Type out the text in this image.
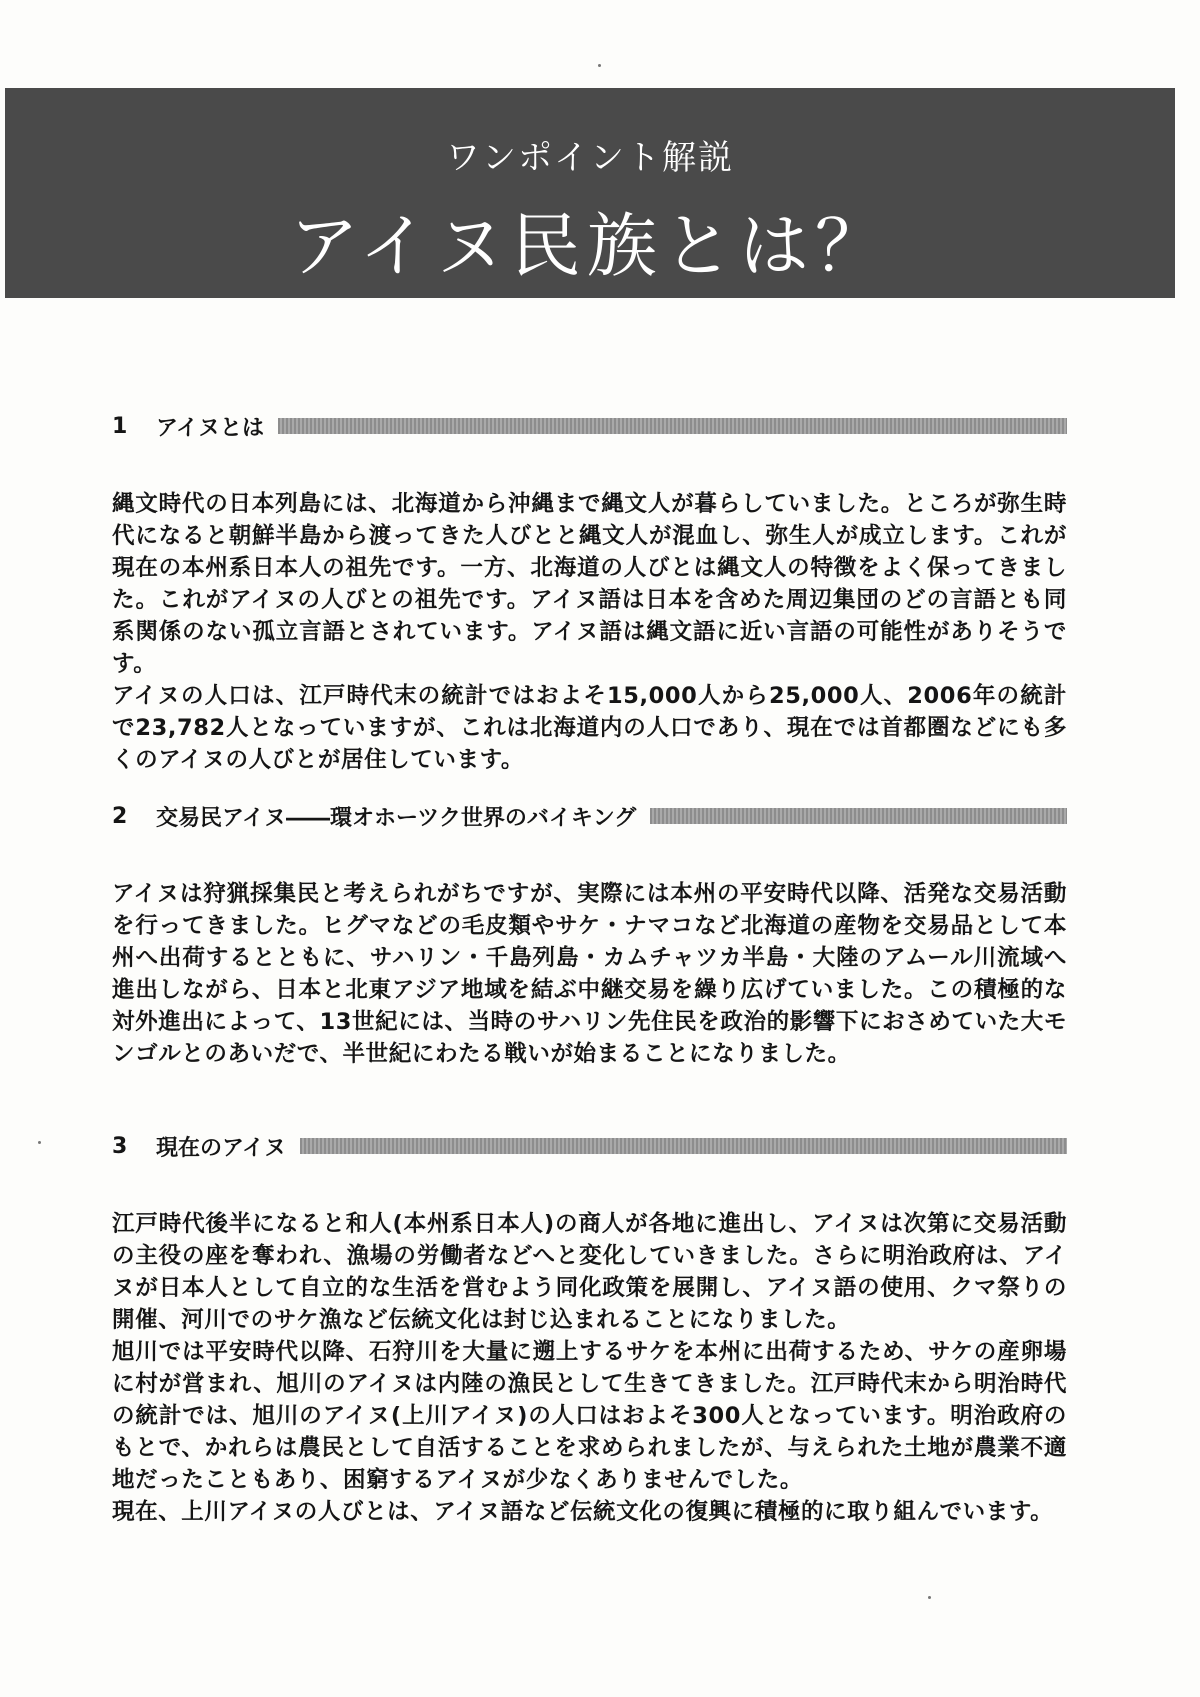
ワンポイント解説
アイヌ民族とは？
1	アイヌとは

縄文時代の日本列島には、北海道から沖縄まで縄文人が暮らしていました。ところが弥生時代になると朝鮮半島から渡ってきた人びとと縄文人が混血し、弥生人が成立します。これが現在の本州系日本人の祖先です。一方、北海道の人びとは縄文人の特徴をよく保ってきました。これがアイヌの人びとの祖先です。アイヌ語は日本を含めた周辺集団のどの言語とも同系関係のない孤立言語とされています。アイヌ語は縄文語に近い言語の可能性がありそうです。

アイヌの人口は、江戸時代末の統計ではおよそ15,000人から25,000人、2006年の統計で23,782人となっていますが、これは北海道内の人口であり、現在では首都圏などにも多くのアイヌの人びとが居住しています。

2	交易民アイヌ――環オホーツク世界のバイキング

アイヌは狩猟採集民と考えられがちですが、実際には本州の平安時代以降、活発な交易活動を行ってきました。ヒグマなどの毛皮類やサケ・ナマコなど北海道の産物を交易品として本州へ出荷するとともに、サハリン・千島列島・カムチャツカ半島・大陸のアムール川流域へ進出しながら、日本と北東アジア地域を結ぶ中継交易を繰り広げていました。この積極的な対外進出によって、13世紀には、当時のサハリン先住民を政治的影響下におさめていた大モンゴルとのあいだで、半世紀にわたる戦いが始まることになりました。

3	現在のアイヌ

江戸時代後半になると和人(本州系日本人)の商人が各地に進出し、アイヌは次第に交易活動の主役の座を奪われ、漁場の労働者などへと変化していきました。さらに明治政府は、アイヌが日本人として自立的な生活を営むよう同化政策を展開し、アイヌ語の使用、クマ祭りの開催、河川でのサケ漁など伝統文化は封じ込まれることになりました。

旭川では平安時代以降、石狩川を大量に遡上するサケを本州に出荷するため、サケの産卵場に村が営まれ、旭川のアイヌは内陸の漁民として生きてきました。江戸時代末から明治時代の統計では、旭川のアイヌ(上川アイヌ)の人口はおよそ300人となっています。明治政府のもとで、かれらは農民として自活することを求められましたが、与えられた土地が農業不適地だったこともあり、困窮するアイヌが少なくありませんでした。

現在、上川アイヌの人びとは、アイヌ語など伝統文化の復興に積極的に取り組んでいます。
